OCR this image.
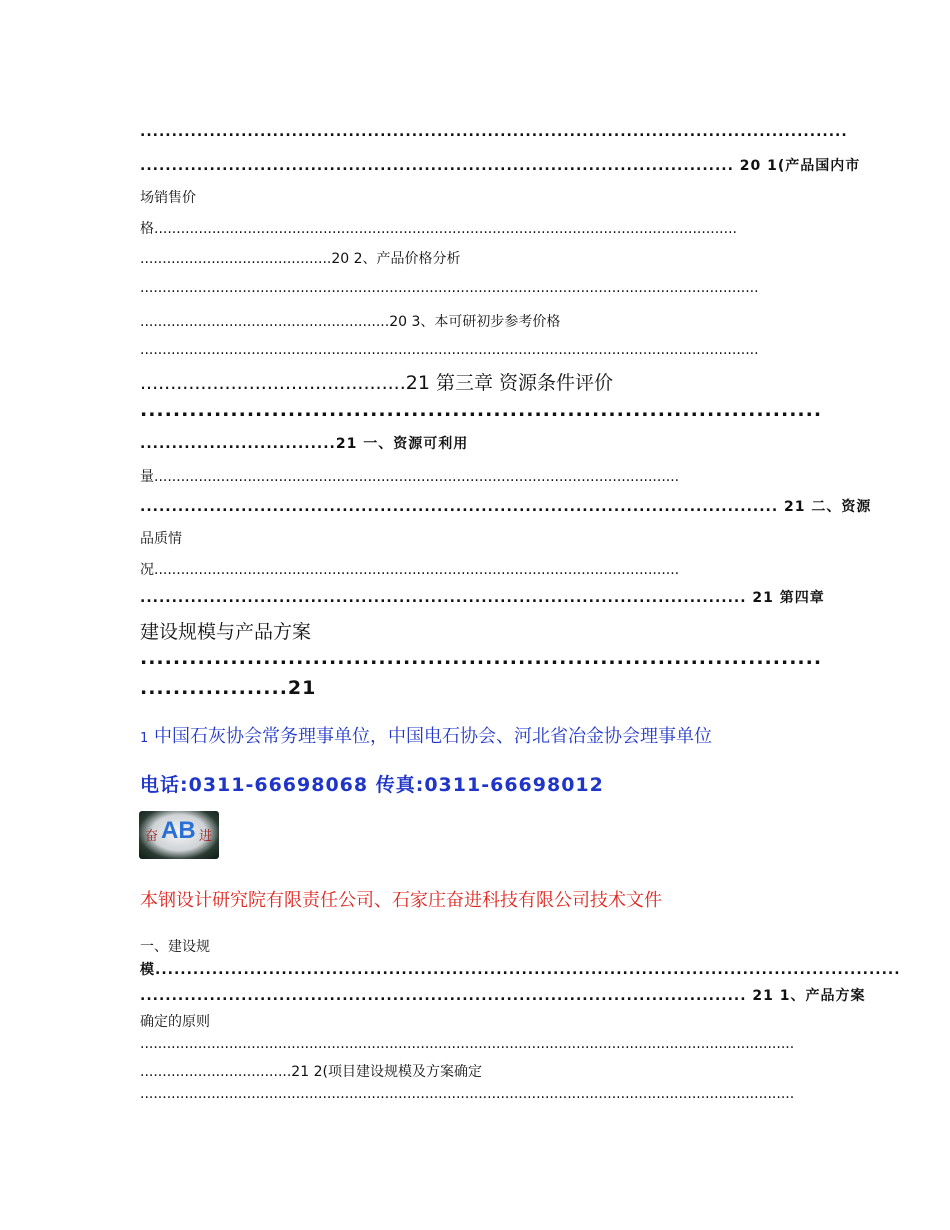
................................................................................................................
.............................................................................................. 20 1(产品国内市
场销售价
格...................................................................................................................................
...........................................20 2、产品价格分析
...........................................................................................................................................
........................................................20 3、本可研初步参考价格
...........................................................................................................................................
............................................21 第三章 资源条件评价
...................................................................................
...............................21 一、资源可利用
量......................................................................................................................
..................................................................................................... 21 二、资源
品质情
况......................................................................................................................
................................................................................................ 21 第四章
建设规模与产品方案
...................................................................................
..................21
1 中国石灰协会常务理事单位，中国电石协会、河北省冶金协会理事单位
电话:0311-66698068 传真:0311-66698012
奋 AB 进
本钢设计研究院有限责任公司、石家庄奋进科技有限公司技术文件
一、建设规
模......................................................................................................................
................................................................................................ 21 1、产品方案
确定的原则
...................................................................................................................................................
..................................21 2(项目建设规模及方案确定
...................................................................................................................................................
